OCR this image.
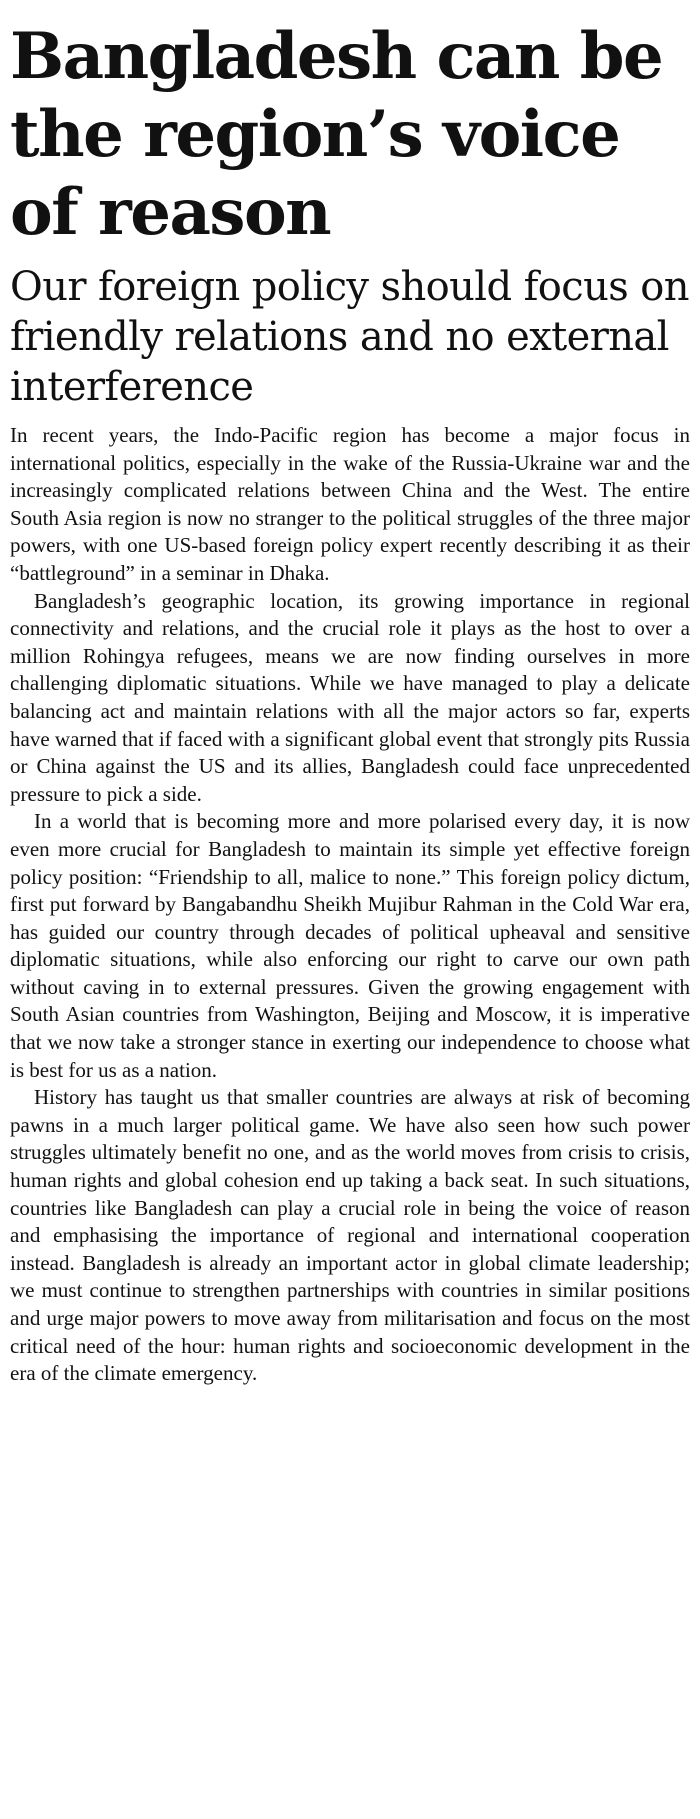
Bangladesh can be the region’s voice of reason
Our foreign policy should focus on friendly relations and no external interference

In recent years, the Indo-Pacific region has become a major focus in international politics, especially in the wake of the Russia-Ukraine war and the increasingly complicated relations between China and the West. The entire South Asia region is now no stranger to the political struggles of the three major powers, with one US-based foreign policy expert recently describing it as their “battleground” in a seminar in Dhaka.

Bangladesh’s geographic location, its growing importance in regional connectivity and relations, and the crucial role it plays as the host to over a million Rohingya refugees, means we are now finding ourselves in more challenging diplomatic situations. While we have managed to play a delicate balancing act and maintain relations with all the major actors so far, experts have warned that if faced with a significant global event that strongly pits Russia or China against the US and its allies, Bangladesh could face unprecedented pressure to pick a side.

In a world that is becoming more and more polarised every day, it is now even more crucial for Bangladesh to maintain its simple yet effective foreign policy position: “Friendship to all, malice to none.” This foreign policy dictum, first put forward by Bangabandhu Sheikh Mujibur Rahman in the Cold War era, has guided our country through decades of political upheaval and sensitive diplomatic situations, while also enforcing our right to carve our own path without caving in to external pressures. Given the growing engagement with South Asian countries from Washington, Beijing and Moscow, it is imperative that we now take a stronger stance in exerting our independence to choose what is best for us as a nation.

History has taught us that smaller countries are always at risk of becoming pawns in a much larger political game. We have also seen how such power struggles ultimately benefit no one, and as the world moves from crisis to crisis, human rights and global cohesion end up taking a back seat. In such situations, countries like Bangladesh can play a crucial role in being the voice of reason and emphasising the importance of regional and international cooperation instead. Bangladesh is already an important actor in global climate leadership; we must continue to strengthen partnerships with countries in similar positions and urge major powers to move away from militarisation and focus on the most critical need of the hour: human rights and socioeconomic development in the era of the climate emergency.
